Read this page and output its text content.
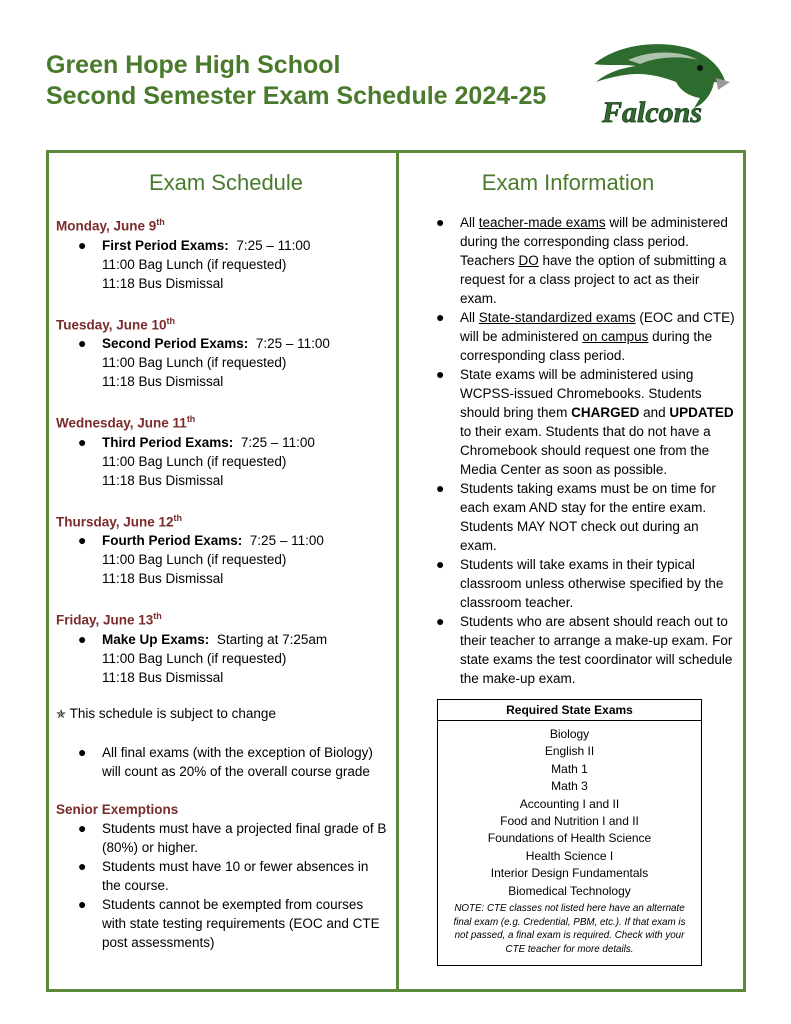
Green Hope High School
Second Semester Exam Schedule 2024-25 Falcons
Exam Schedule
Monday, June 9th
● First Period Exams: 7:25 – 11:00
11:00 Bag Lunch (if requested)
11:18 Bus Dismissal
Tuesday, June 10th
● Second Period Exams: 7:25 – 11:00
11:00 Bag Lunch (if requested)
11:18 Bus Dismissal
Wednesday, June 11th
● Third Period Exams: 7:25 – 11:00
11:00 Bag Lunch (if requested)
11:18 Bus Dismissal
Thursday, June 12th
● Fourth Period Exams: 7:25 – 11:00
11:00 Bag Lunch (if requested)
11:18 Bus Dismissal
Friday, June 13th
● Make Up Exams: Starting at 7:25am
11:00 Bag Lunch (if requested)
11:18 Bus Dismissal
✯ This schedule is subject to change
● All final exams (with the exception of Biology) will count as 20% of the overall course grade
Senior Exemptions
● Students must have a projected final grade of B (80%) or higher.
● Students must have 10 or fewer absences in the course.
● Students cannot be exempted from courses with state testing requirements (EOC and CTE post assessments)
Exam Information
● All teacher-made exams will be administered during the corresponding class period. Teachers DO have the option of submitting a request for a class project to act as their exam.
● All State-standardized exams (EOC and CTE) will be administered on campus during the corresponding class period.
● State exams will be administered using WCPSS-issued Chromebooks. Students should bring them CHARGED and UPDATED to their exam. Students that do not have a Chromebook should request one from the Media Center as soon as possible.
● Students taking exams must be on time for each exam AND stay for the entire exam. Students MAY NOT check out during an exam.
● Students will take exams in their typical classroom unless otherwise specified by the classroom teacher.
● Students who are absent should reach out to their teacher to arrange a make-up exam. For state exams the test coordinator will schedule the make-up exam.
Required State Exams
Biology
English II
Math 1
Math 3
Accounting I and II
Food and Nutrition I and II
Foundations of Health Science
Health Science I
Interior Design Fundamentals
Biomedical Technology
NOTE: CTE classes not listed here have an alternate final exam (e.g. Credential, PBM, etc.). If that exam is not passed, a final exam is required. Check with your CTE teacher for more details.
